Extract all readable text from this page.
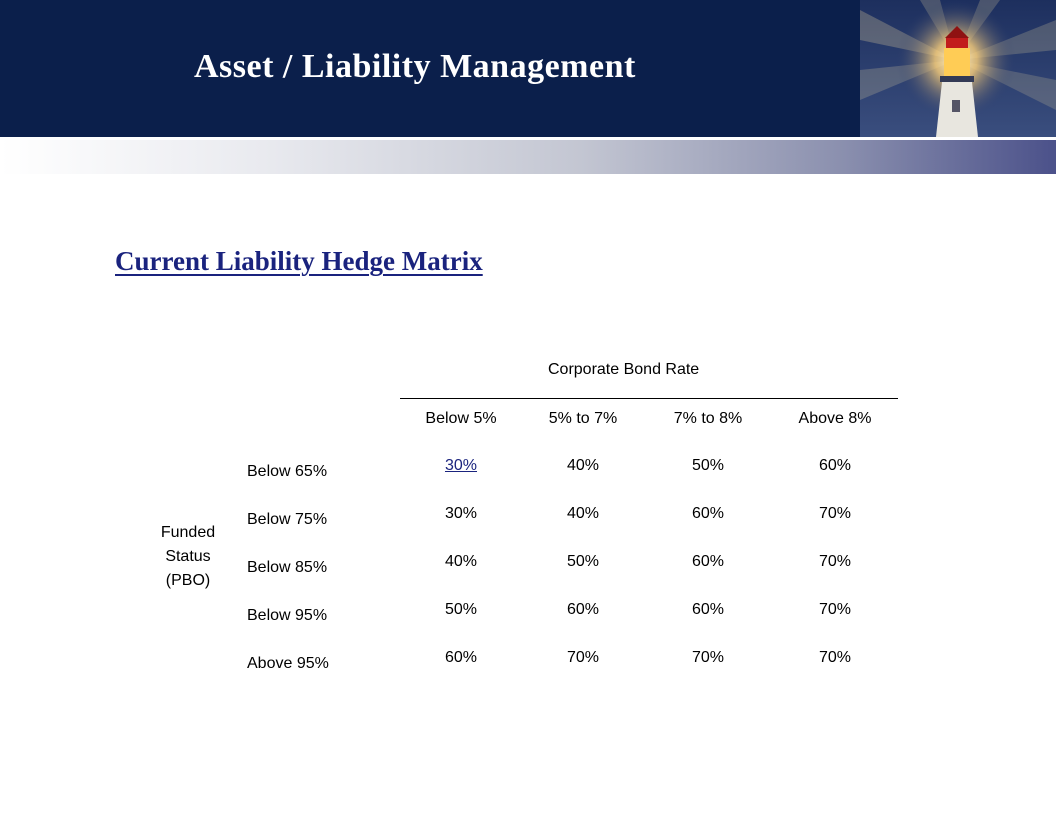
Asset / Liability Management
Current Liability Hedge Matrix
Corporate Bond Rate
Below 5%	5% to 7%	7% to 8%	Above 8%
Funded
Status
(PBO)
Below 65%	30%	40%	50%	60%
Below 75%	30%	40%	60%	70%
Below 85%	40%	50%	60%	70%
Below 95%	50%	60%	60%	70%
Above 95%	60%	70%	70%	70%
